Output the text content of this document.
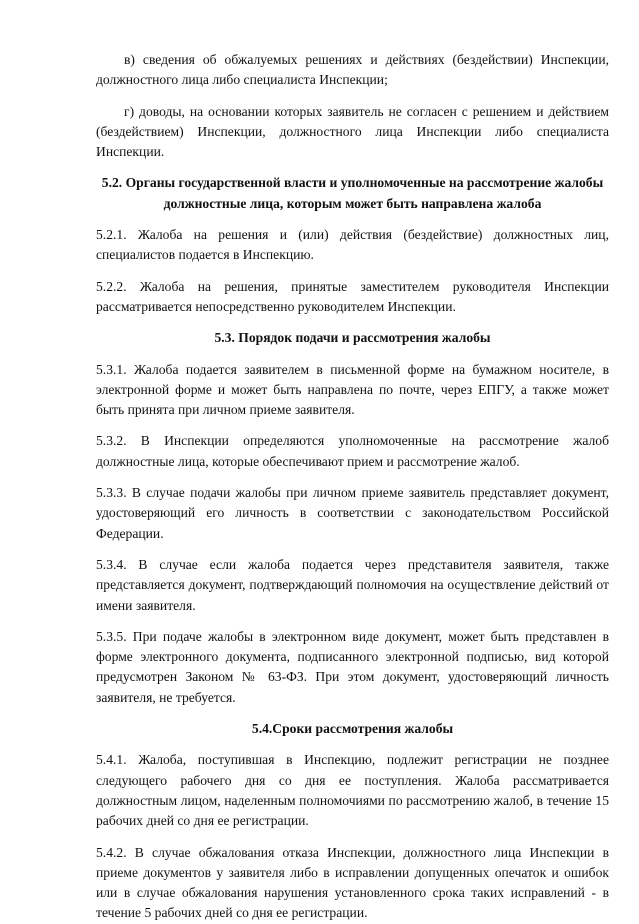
в) сведения об обжалуемых решениях и действиях (бездействии) Инспекции, должностного лица либо специалиста Инспекции;

г) доводы, на основании которых заявитель не согласен с решением и действием (бездействием) Инспекции, должностного лица Инспекции либо специалиста Инспекции.

5.2. Органы государственной власти и уполномоченные на рассмотрение жалобы должностные лица, которым может быть направлена жалоба

5.2.1. Жалоба на решения и (или) действия (бездействие) должностных лиц, специалистов подается в Инспекцию.

5.2.2. Жалоба на решения, принятые заместителем руководителя Инспекции рассматривается непосредственно руководителем Инспекции.

5.3. Порядок подачи и рассмотрения жалобы

5.3.1. Жалоба подается заявителем в письменной форме на бумажном носителе, в электронной форме и может быть направлена по почте, через ЕПГУ, а также может быть принята при личном приеме заявителя.

5.3.2. В Инспекции определяются уполномоченные на рассмотрение жалоб должностные лица, которые обеспечивают прием и рассмотрение жалоб.

5.3.3. В случае подачи жалобы при личном приеме заявитель представляет документ, удостоверяющий его личность в соответствии с законодательством Российской Федерации.

5.3.4. В случае если жалоба подается через представителя заявителя, также представляется документ, подтверждающий полномочия на осуществление действий от имени заявителя.

5.3.5. При подаче жалобы в электронном виде документ, может быть представлен в форме электронного документа, подписанного электронной подписью, вид которой предусмотрен Законом № 63-ФЗ. При этом документ, удостоверяющий личность заявителя, не требуется.

5.4.Сроки рассмотрения жалобы

5.4.1. Жалоба, поступившая в Инспекцию, подлежит регистрации не позднее следующего рабочего дня со дня ее поступления. Жалоба рассматривается должностным лицом, наделенным полномочиями по рассмотрению жалоб, в течение 15 рабочих дней со дня ее регистрации.

5.4.2. В случае обжалования отказа Инспекции, должностного лица Инспекции в приеме документов у заявителя либо в исправлении допущенных опечаток и ошибок или в случае обжалования нарушения установленного срока таких исправлений - в течение 5 рабочих дней со дня ее регистрации.
